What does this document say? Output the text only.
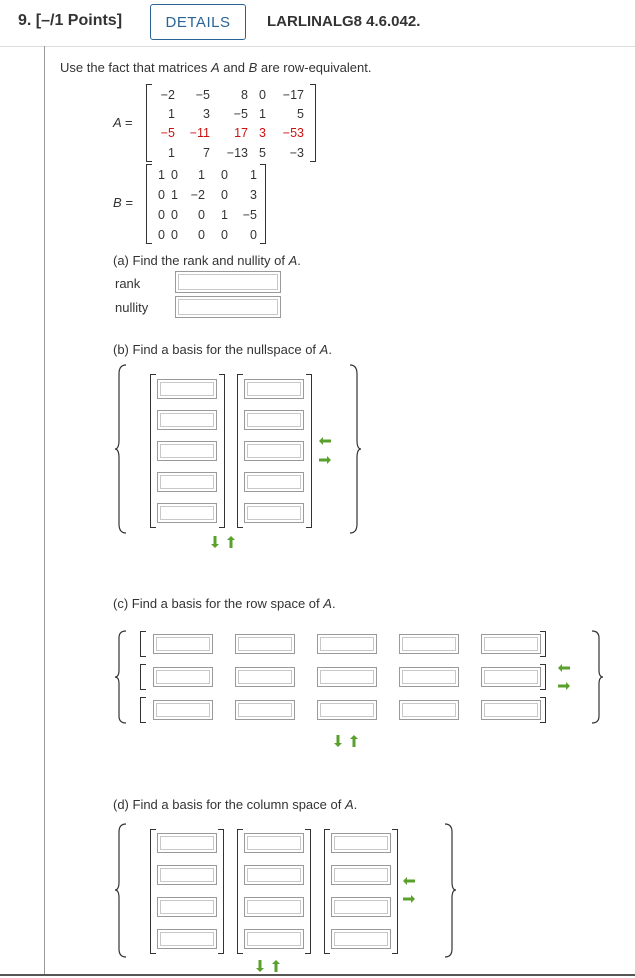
9. [–/1 Points]	DETAILS	LARLINALG8 4.6.042.
Use the fact that matrices A and B are row-equivalent.
A =
−2 −5 8 0 −17
1 3 −5 1 5
−5 −11 17 3 −53
1 7 −13 5 −3
B =
1 0 1 0 1
0 1 −2 0 3
0 0 0 1 −5
0 0 0 0 0
(a) Find the rank and nullity of A.
rank
nullity
(b) Find a basis for the nullspace of A.
(c) Find a basis for the row space of A.
(d) Find a basis for the column space of A.
